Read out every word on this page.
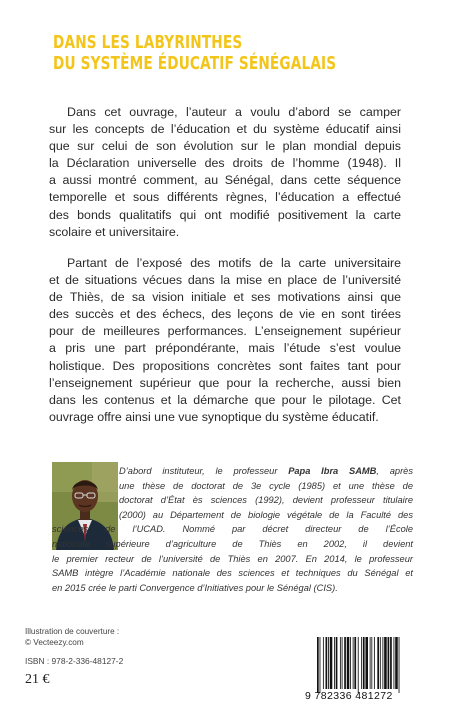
DANS LES LABYRINTHES
DU SYSTÈME ÉDUCATIF SÉNÉGALAIS
Dans cet ouvrage, l’auteur a voulu d’abord se camper
sur les concepts de l’éducation et du système éducatif ainsi
que sur celui de son évolution sur le plan mondial depuis
la Déclaration universelle des droits de l’homme (1948). Il
a aussi montré comment, au Sénégal, dans cette séquence
temporelle et sous différents règnes, l’éducation a effectué
des bonds qualitatifs qui ont modifié positivement la carte
scolaire et universitaire.
Partant de l’exposé des motifs de la carte universitaire
et de situations vécues dans la mise en place de l’université
de Thiès, de sa vision initiale et ses motivations ainsi que
des succès et des échecs, des leçons de vie en sont tirées
pour de meilleures performances. L’enseignement supérieur
a pris une part prépondérante, mais l’étude s’est voulue
holistique. Des propositions concrètes sont faites tant pour
l’enseignement supérieur que pour la recherche, aussi bien
dans les contenus et la démarche que pour le pilotage. Cet
ouvrage offre ainsi une vue synoptique du système éducatif.
D’abord instituteur, le professeur Papa Ibra SAMB, après
une thèse de doctorat de 3e cycle (1985) et une thèse de
doctorat d’État ès sciences (1992), devient professeur titulaire
(2000) au Département de biologie végétale de la Faculté des
sciences de l’UCAD. Nommé par décret directeur de l’École
nationale supérieure d’agriculture de Thiès en 2002, il devient
le premier recteur de l’université de Thiès en 2007. En 2014, le professeur
SAMB intègre l’Académie nationale des sciences et techniques du Sénégal et
en 2015 crée le parti Convergence d’Initiatives pour le Sénégal (CIS).
Illustration de couverture :
© Vecteezy.com

ISBN : 978-2-336-48127-2

21 €

9 782336 481272
